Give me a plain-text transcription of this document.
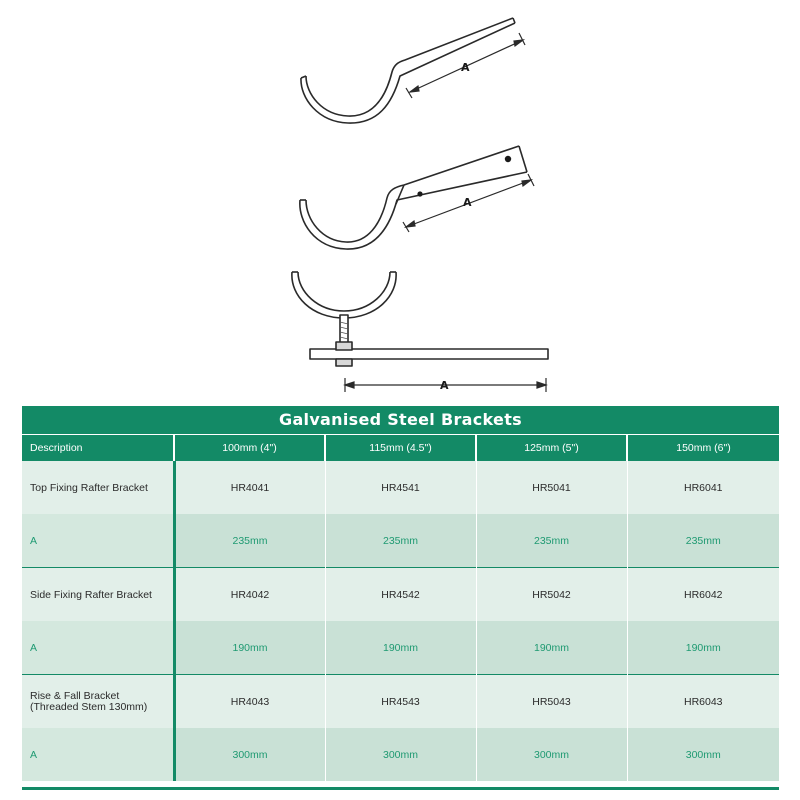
A
A
A
Galvanised Steel Brackets
Description	100mm (4")	115mm (4.5")	125mm (5")	150mm (6")
Top Fixing Rafter Bracket	HR4041	HR4541	HR5041	HR6041
A	235mm	235mm	235mm	235mm
Side Fixing Rafter Bracket	HR4042	HR4542	HR5042	HR6042
A	190mm	190mm	190mm	190mm

Rise & Fall Bracket
(Threaded Stem 130mm)	HR4043	HR4543	HR5043	HR6043
A	300mm	300mm	300mm	300mm
